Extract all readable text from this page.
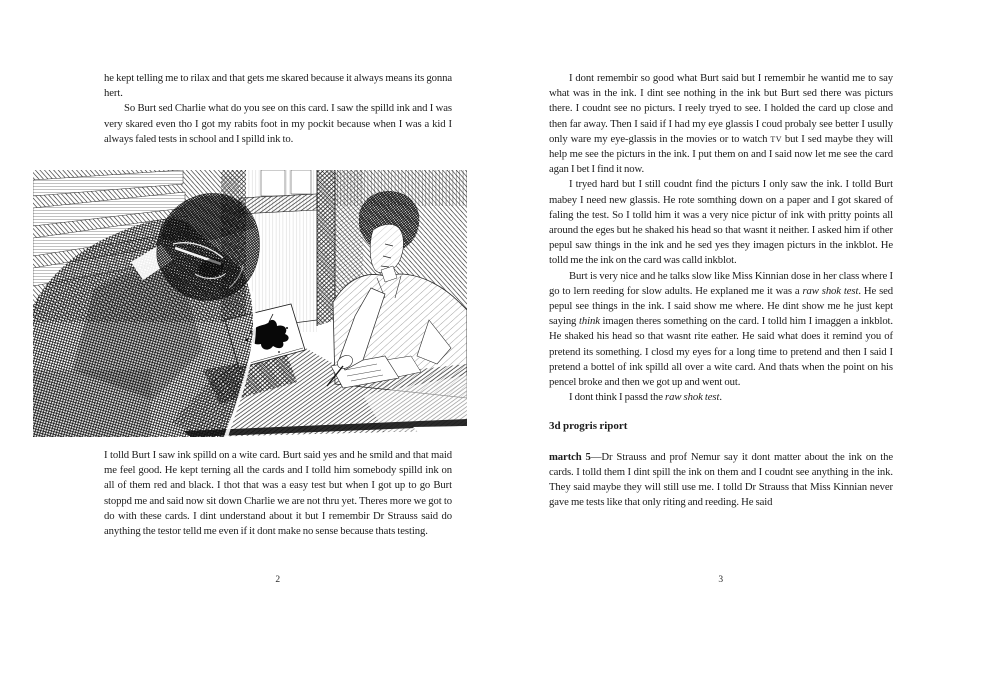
he kept telling me to rilax and that gets me skared because it always means its gonna hert.

So Burt sed Charlie what do you see on this card. I saw the spilld ink and I was very skared even tho I got my rabits foot in my pockit because when I was a kid I always faled tests in school and I spilld ink to.

I tolld Burt I saw ink spilld on a wite card. Burt said yes and he smild and that maid me feel good. He kept terning all the cards and I tolld him somebody spilld ink on all of them red and black. I thot that was a easy test but when I got up to go Burt stoppd me and said now sit down Charlie we are not thru yet. Theres more we got to do with these cards. I dint understand about it but I remembir Dr Strauss said do anything the testor telld me even if it dont make no sense because thats testing.

2

I dont remembir so good what Burt said but I remembir he wantid me to say what was in the ink. I dint see nothing in the ink but Burt sed there was picturs there. I coudnt see no picturs. I reely tryed to see. I holded the card up close and then far away. Then I said if I had my eye glassis I coud probaly see better I usully only ware my eye-glassis in the movies or to watch TV but I sed maybe they will help me see the picturs in the ink. I put them on and I said now let me see the card agan I bet I find it now.

I tryed hard but I still coudnt find the picturs I only saw the ink. I tolld Burt mabey I need new glassis. He rote somthing down on a paper and I got skared of faling the test. So I tolld him it was a very nice pictur of ink with pritty points all around the eges but he shaked his head so that wasnt it neither. I asked him if other pepul saw things in the ink and he sed yes they imagen picturs in the inkblot. He tolld me the ink on the card was calld inkblot.

Burt is very nice and he talks slow like Miss Kinnian dose in her class where I go to lern reeding for slow adults. He explaned me it was a raw shok test. He sed pepul see things in the ink. I said show me where. He dint show me he just kept saying think imagen theres something on the card. I tolld him I imaggen a inkblot. He shaked his head so that wasnt rite eather. He said what does it remind you of pretend its something. I closd my eyes for a long time to pretend and then I said I pretend a bottel of ink spilld all over a wite card. And thats when the point on his pencel broke and then we got up and went out.

I dont think I passd the raw shok test.

3d progris riport

martch 5—Dr Strauss and prof Nemur say it dont matter about the ink on the cards. I tolld them I dint spill the ink on them and I coudnt see anything in the ink. They said maybe they will still use me. I tolld Dr Strauss that Miss Kinnian never gave me tests like that only riting and reeding. He said

3
